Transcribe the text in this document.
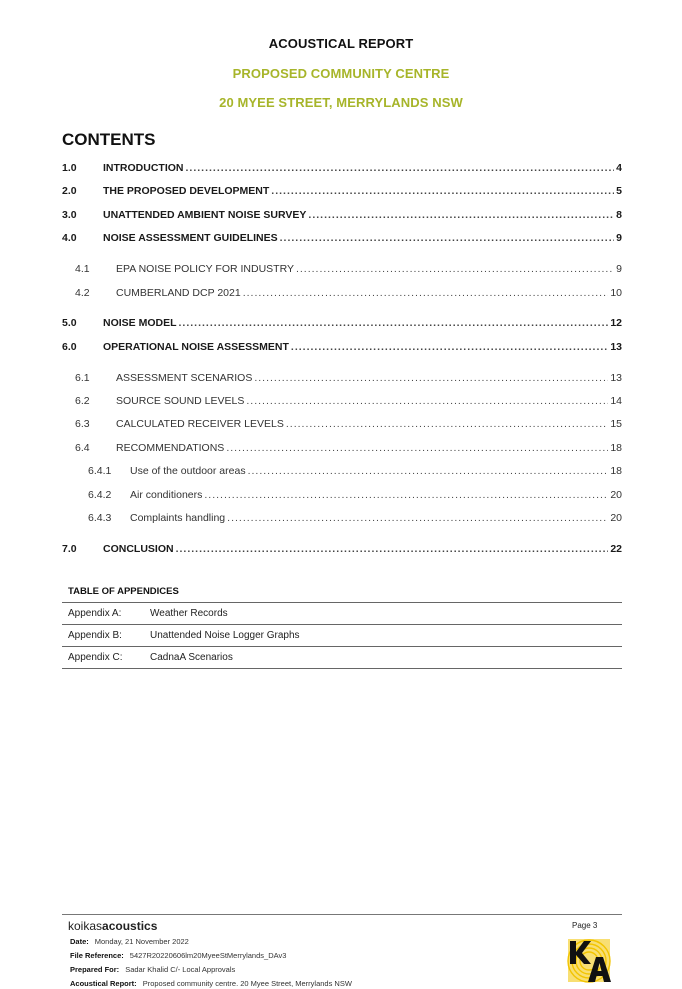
ACOUSTICAL REPORT
PROPOSED COMMUNITY CENTRE
20 MYEE STREET, MERRYLANDS NSW
CONTENTS
1.0	INTRODUCTION .....	4
2.0	THE PROPOSED DEVELOPMENT .....	5
3.0	UNATTENDED AMBIENT NOISE SURVEY .....	8
4.0	NOISE ASSESSMENT GUIDELINES .....	9
4.1	EPA NOISE POLICY FOR INDUSTRY .....	9
4.2	CUMBERLAND DCP 2021 .....	10
5.0	NOISE MODEL .....	12
6.0	OPERATIONAL NOISE ASSESSMENT .....	13
6.1	ASSESSMENT SCENARIOS .....	13
6.2	SOURCE SOUND LEVELS .....	14
6.3	CALCULATED RECEIVER LEVELS .....	15
6.4	RECOMMENDATIONS .....	18
6.4.1	Use of the outdoor areas .....	18
6.4.2	Air conditioners .....	20
6.4.3	Complaints handling .....	20
7.0	CONCLUSION .....	22
TABLE OF APPENDICES
Appendix A:	Weather Records
Appendix B:	Unattended Noise Logger Graphs
Appendix C:	CadnaA Scenarios
koikasacoustics	Page 3
Date: Monday, 21 November 2022
File Reference: 5427R20220606lm20MyeeStMerrylands_DAv3
Prepared For: Sadar Khalid C/- Local Approvals
Acoustical Report: Proposed community centre. 20 Myee Street, Merrylands NSW
